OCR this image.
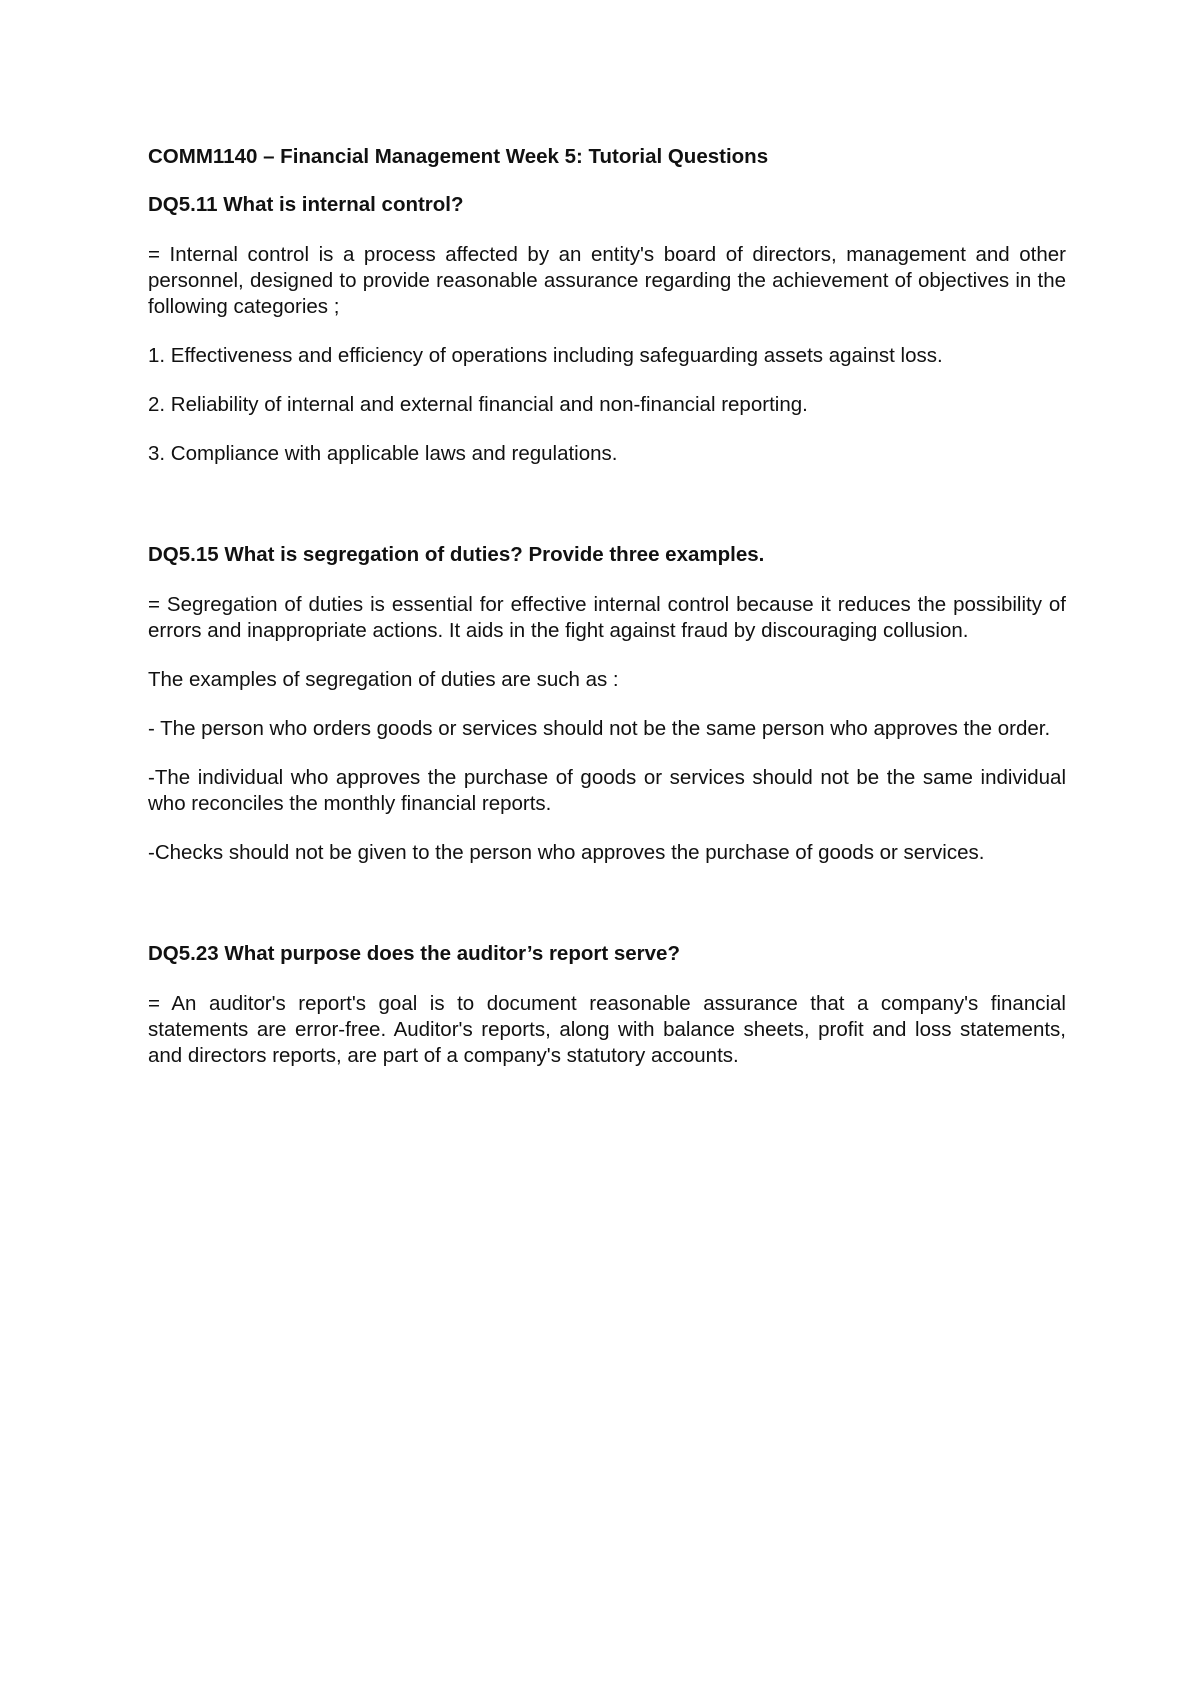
COMM1140 – Financial Management Week 5: Tutorial Questions

DQ5.11 What is internal control?

= Internal control is a process affected by an entity's board of directors, management and other personnel, designed to provide reasonable assurance regarding the achievement of objectives in the following categories ;

1. Effectiveness and efficiency of operations including safeguarding assets against loss.

2. Reliability of internal and external financial and non-financial reporting.

3. Compliance with applicable laws and regulations.

DQ5.15 What is segregation of duties? Provide three examples.

= Segregation of duties is essential for effective internal control because it reduces the possibility of errors and inappropriate actions. It aids in the fight against fraud by discouraging collusion.

The examples of segregation of duties are such as :

- The person who orders goods or services should not be the same person who approves the order.

-The individual who approves the purchase of goods or services should not be the same individual who reconciles the monthly financial reports.

-Checks should not be given to the person who approves the purchase of goods or services.

DQ5.23 What purpose does the auditor’s report serve?

= An auditor's report's goal is to document reasonable assurance that a company's financial statements are error-free. Auditor's reports, along with balance sheets, profit and loss statements, and directors reports, are part of a company's statutory accounts.
